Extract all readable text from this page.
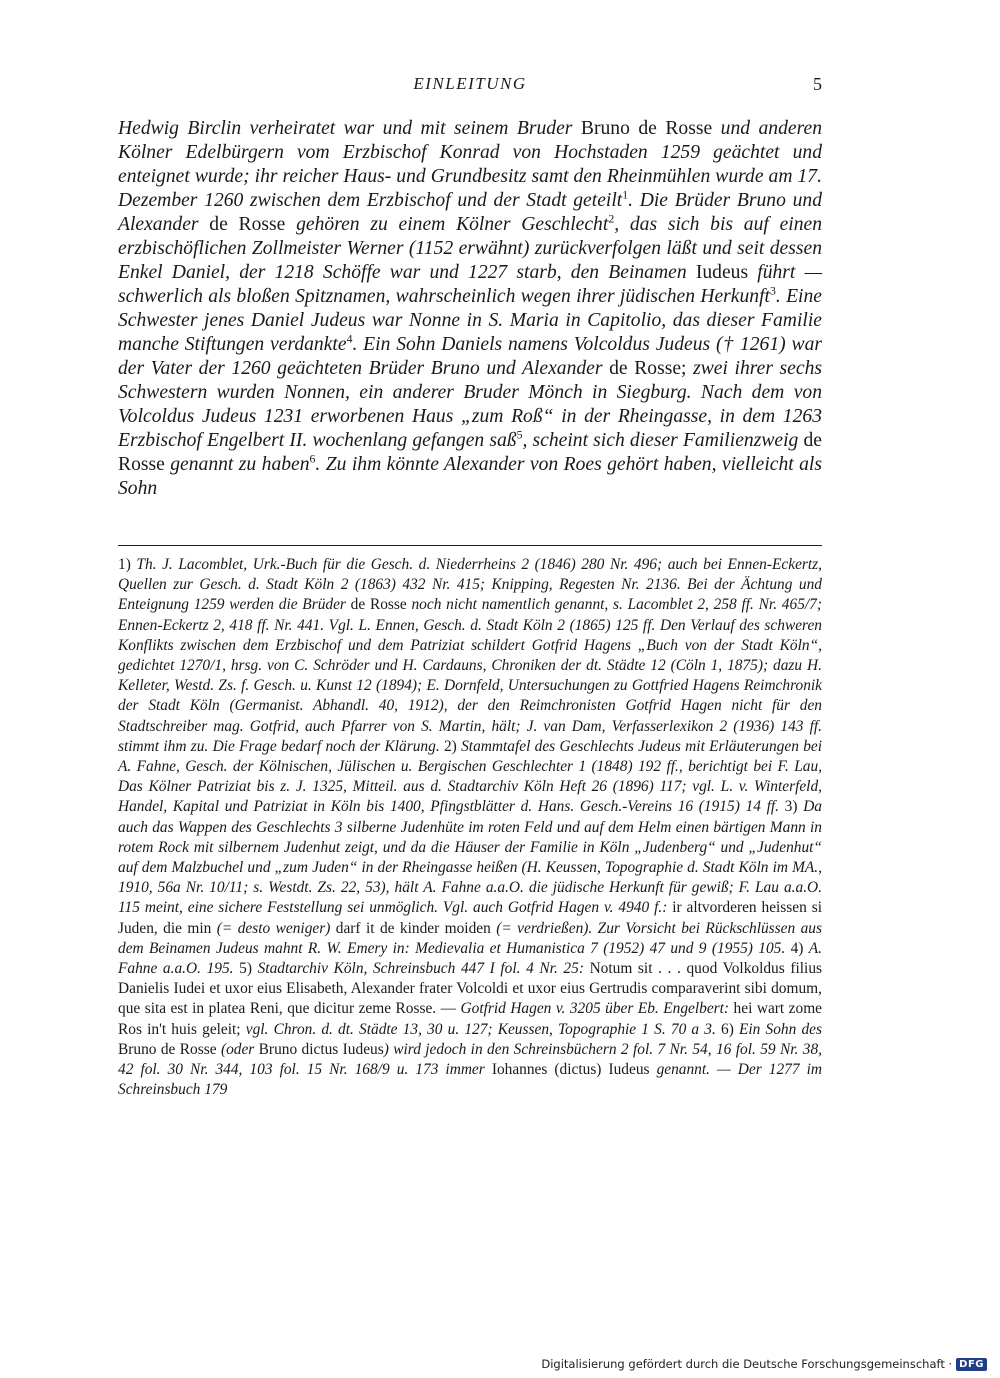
EINLEITUNG	5

Hedwig Birclin verheiratet war und mit seinem Bruder Bruno de Rosse und anderen Kölner Edelbürgern vom Erzbischof Konrad von Hochstaden 1259 geächtet und enteignet wurde; ihr reicher Haus- und Grundbesitz samt den Rheinmühlen wurde am 17. Dezember 1260 zwischen dem Erzbischof und der Stadt geteilt$^1$. Die Brüder Bruno und Alexander de Rosse gehören zu einem Kölner Geschlecht$^2$, das sich bis auf einen erzbischöflichen Zollmeister Werner (1152 erwähnt) zurückverfolgen läßt und seit dessen Enkel Daniel, der 1218 Schöffe war und 1227 starb, den Beinamen Iudeus führt — schwerlich als bloßen Spitznamen, wahrscheinlich wegen ihrer jüdischen Herkunft$^3$. Eine Schwester jenes Daniel Judeus war Nonne in S. Maria in Capitolio, das dieser Familie manche Stiftungen verdankte$^4$. Ein Sohn Daniels namens Volcoldus Judeus († 1261) war der Vater der 1260 geächteten Brüder Bruno und Alexander de Rosse; zwei ihrer sechs Schwestern wurden Nonnen, ein anderer Bruder Mönch in Siegburg. Nach dem von Volcoldus Judeus 1231 erworbenen Haus „zum Roß“ in der Rheingasse, in dem 1263 Erzbischof Engelbert II. wochenlang gefangen saß$^5$, scheint sich dieser Familienzweig de Rosse genannt zu haben$^6$. Zu ihm könnte Alexander von Roes gehört haben, vielleicht als Sohn

1) Th. J. Lacomblet, Urk.-Buch für die Gesch. d. Niederrheins 2 (1846) 280 Nr. 496; auch bei Ennen-Eckertz, Quellen zur Gesch. d. Stadt Köln 2 (1863) 432 Nr. 415; Knipping, Regesten Nr. 2136. Bei der Ächtung und Enteignung 1259 werden die Brüder de Rosse noch nicht namentlich genannt, s. Lacomblet 2, 258 ff. Nr. 465/7; Ennen-Eckertz 2, 418 ff. Nr. 441. Vgl. L. Ennen, Gesch. d. Stadt Köln 2 (1865) 125 ff. Den Verlauf des schweren Konflikts zwischen dem Erzbischof und dem Patriziat schildert Gotfrid Hagens „Buch von der Stadt Köln“, gedichtet 1270/1, hrsg. von C. Schröder und H. Cardauns, Chroniken der dt. Städte 12 (Cöln 1, 1875); dazu H. Kelleter, Westd. Zs. f. Gesch. u. Kunst 12 (1894); E. Dornfeld, Untersuchungen zu Gottfried Hagens Reimchronik der Stadt Köln (Germanist. Abhandl. 40, 1912), der den Reimchronisten Gotfrid Hagen nicht für den Stadtschreiber mag. Gotfrid, auch Pfarrer von S. Martin, hält; J. van Dam, Verfasserlexikon 2 (1936) 143 ff. stimmt ihm zu. Die Frage bedarf noch der Klärung. 2) Stammtafel des Geschlechts Judeus mit Erläuterungen bei A. Fahne, Gesch. der Kölnischen, Jülischen u. Bergischen Geschlechter 1 (1848) 192 ff., berichtigt bei F. Lau, Das Kölner Patriziat bis z. J. 1325, Mitteil. aus d. Stadtarchiv Köln Heft 26 (1896) 117; vgl. L. v. Winterfeld, Handel, Kapital und Patriziat in Köln bis 1400, Pfingstblätter d. Hans. Gesch.-Vereins 16 (1915) 14 ff. 3) Da auch das Wappen des Geschlechts 3 silberne Judenhüte im roten Feld und auf dem Helm einen bärtigen Mann in rotem Rock mit silbernem Judenhut zeigt, und da die Häuser der Familie in Köln „Judenberg“ und „Judenhut“ auf dem Malzbuchel und „zum Juden“ in der Rheingasse heißen (H. Keussen, Topographie d. Stadt Köln im MA., 1910, 56a Nr. 10/11; s. Westdt. Zs. 22, 53), hält A. Fahne a.a.O. die jüdische Herkunft für gewiß; F. Lau a.a.O. 115 meint, eine sichere Feststellung sei unmöglich. Vgl. auch Gotfrid Hagen v. 4940 f.: ir altvorderen heissen si Juden, die min (= desto weniger) darf it de kinder moiden (= verdrießen). Zur Vorsicht bei Rückschlüssen aus dem Beinamen Judeus mahnt R. W. Emery in: Medievalia et Humanistica 7 (1952) 47 und 9 (1955) 105. 4) A. Fahne a.a.O. 195. 5) Stadtarchiv Köln, Schreinsbuch 447 I fol. 4 Nr. 25: Notum sit . . . quod Volkoldus filius Danielis Iudei et uxor eius Elisabeth, Alexander frater Volcoldi et uxor eius Gertrudis comparaverint sibi domum, que sita est in platea Reni, que dicitur zeme Rosse. — Gotfrid Hagen v. 3205 über Eb. Engelbert: hei wart zome Ros in't huis geleit; vgl. Chron. d. dt. Städte 13, 30 u. 127; Keussen, Topographie 1 S. 70 a 3. 6) Ein Sohn des Bruno de Rosse (oder Bruno dictus Iudeus) wird jedoch in den Schreinsbüchern 2 fol. 7 Nr. 54, 16 fol. 59 Nr. 38, 42 fol. 30 Nr. 344, 103 fol. 15 Nr. 168/9 u. 173 immer Iohannes (dictus) Iudeus genannt. — Der 1277 im Schreinsbuch 179

Digitalisierung gefördert durch die Deutsche Forschungsgemeinschaft · DFG
